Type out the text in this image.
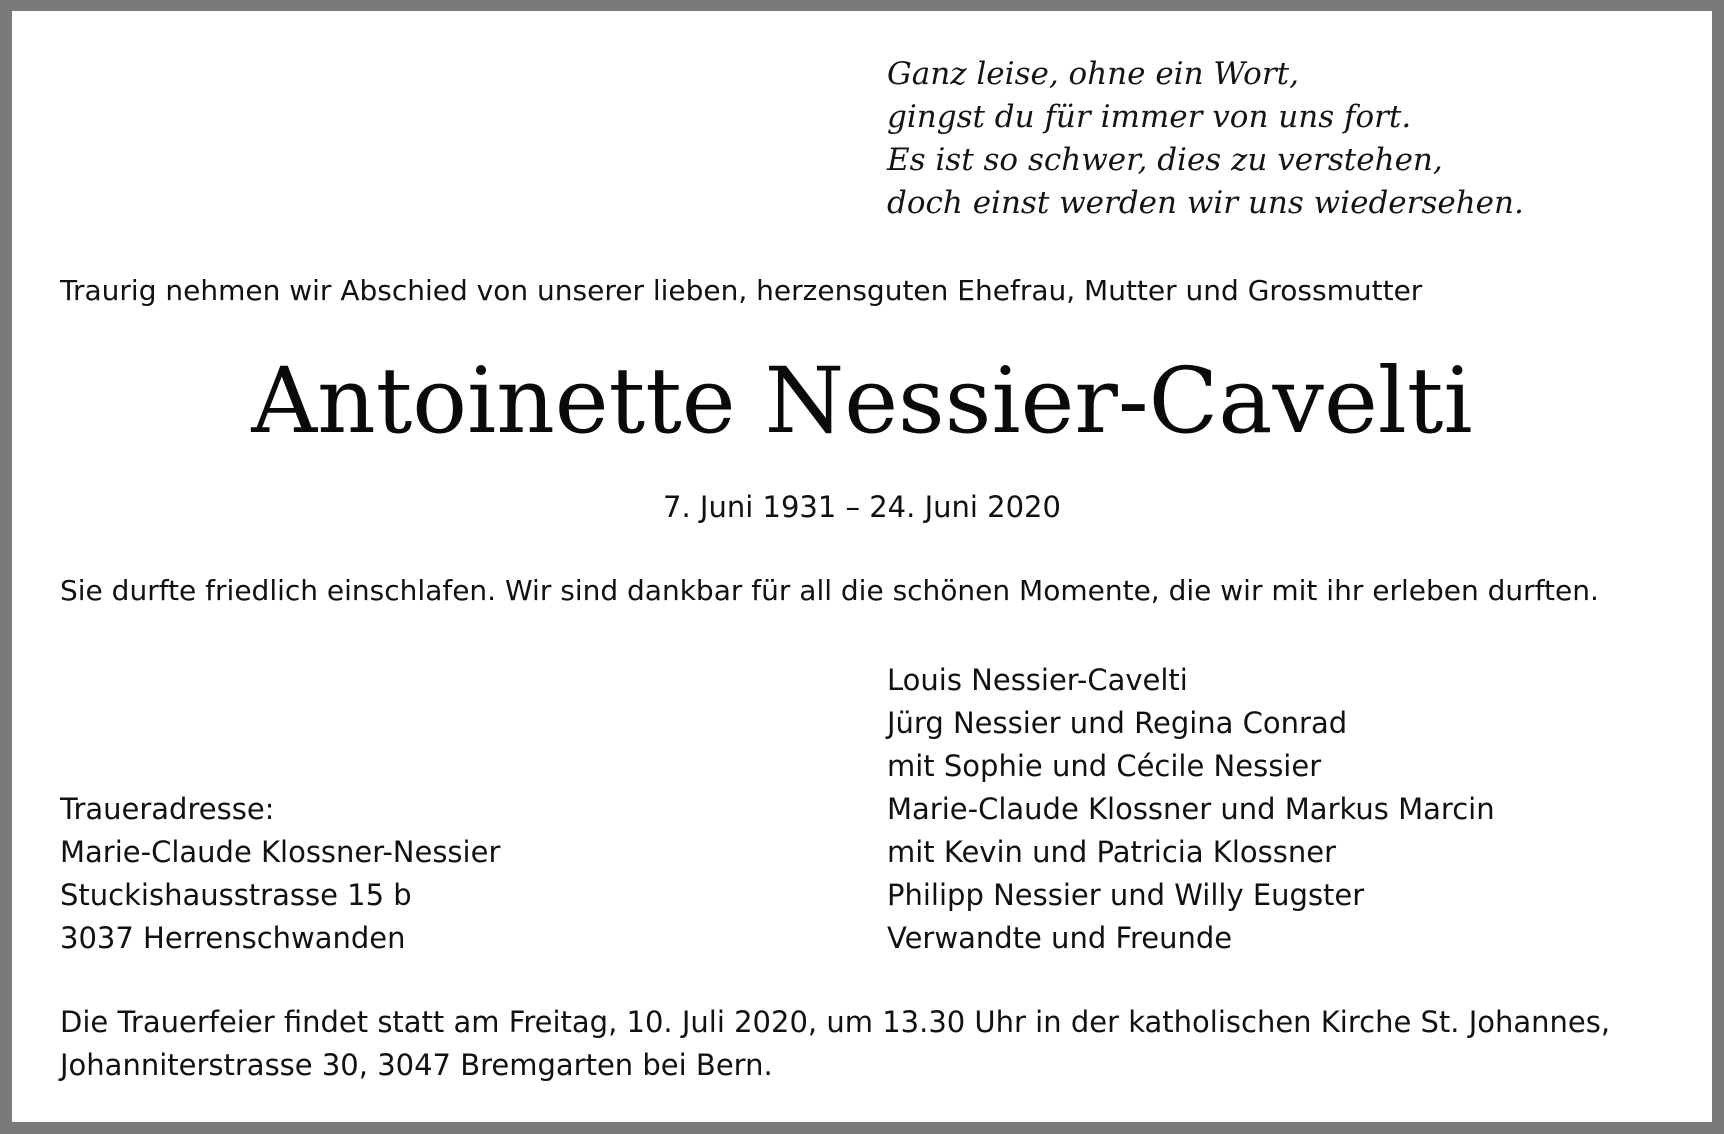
Ganz leise, ohne ein Wort,
gingst du für immer von uns fort.
Es ist so schwer, dies zu verstehen,
doch einst werden wir uns wiedersehen.
Traurig nehmen wir Abschied von unserer lieben, herzensguten Ehefrau, Mutter und Grossmutter
Antoinette Nessier-Cavelti
7. Juni 1931 – 24. Juni 2020
Sie durfte friedlich einschlafen. Wir sind dankbar für all die schönen Momente, die wir mit ihr erleben durften.
Louis Nessier-Cavelti
Jürg Nessier und Regina Conrad
mit Sophie und Cécile Nessier
Marie-Claude Klossner und Markus Marcin
mit Kevin und Patricia Klossner
Philipp Nessier und Willy Eugster
Verwandte und Freunde
Traueradresse:
Marie-Claude Klossner-Nessier
Stuckishausstrasse 15 b
3037 Herrenschwanden
Die Trauerfeier findet statt am Freitag, 10. Juli 2020, um 13.30 Uhr in der katholischen Kirche St. Johannes,
Johanniterstrasse 30, 3047 Bremgarten bei Bern.
